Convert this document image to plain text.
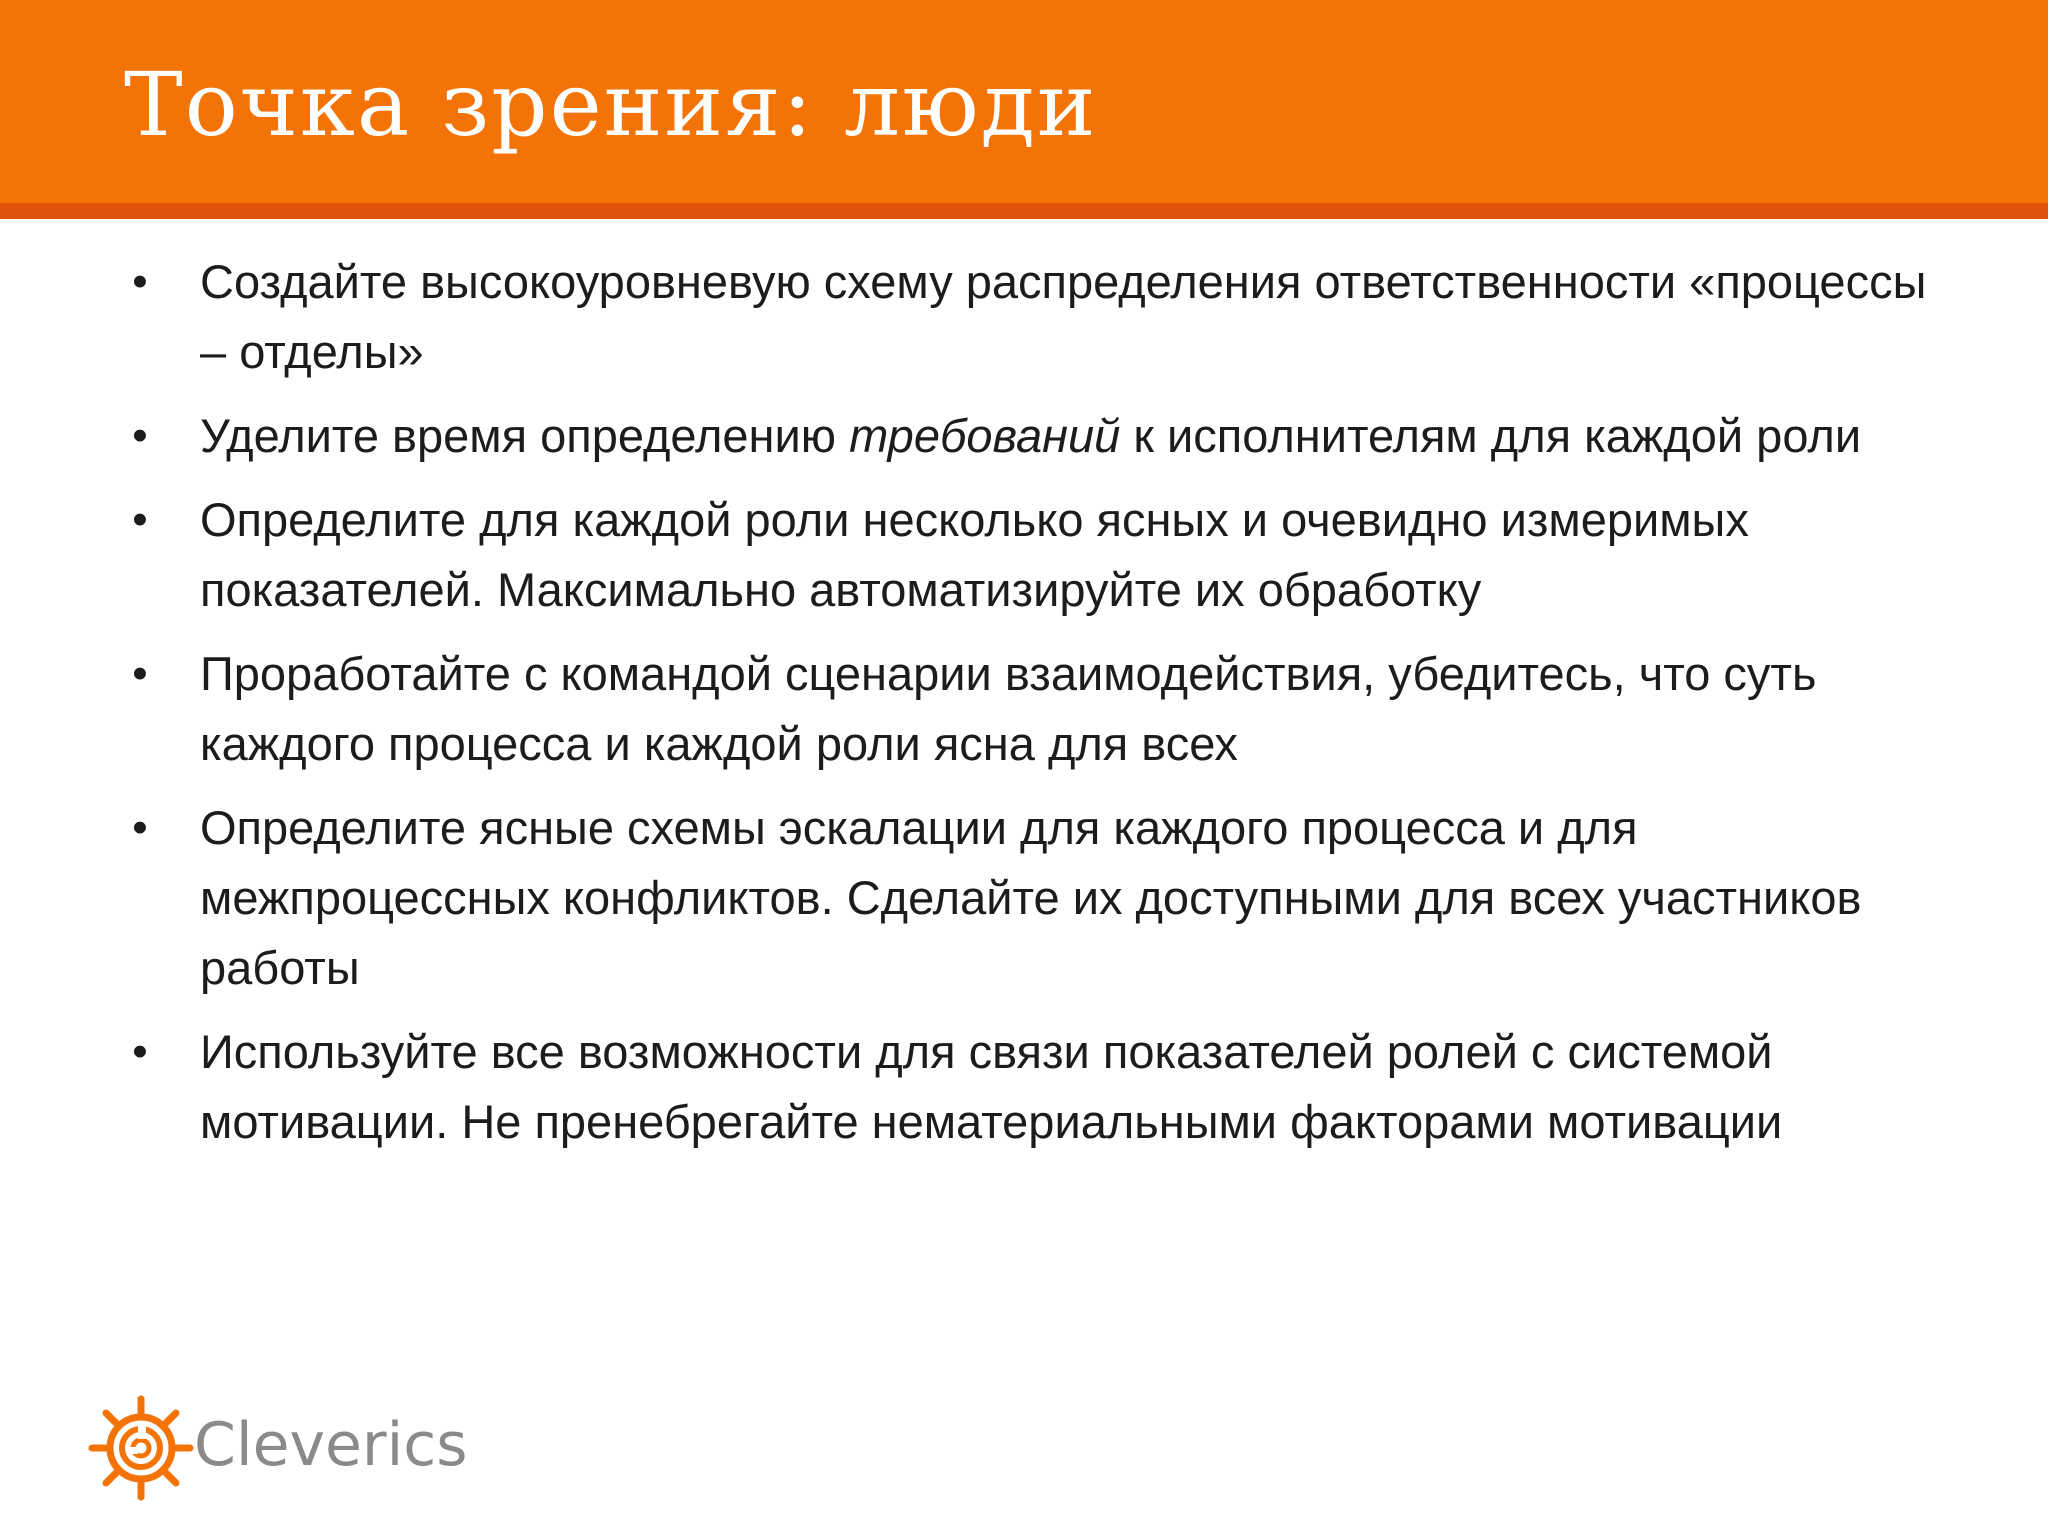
Точка зрения: люди
• Создайте высокоуровневую схему распределения ответственности «процессы – отделы»
• Уделите время определению требований к исполнителям для каждой роли
• Определите для каждой роли несколько ясных и очевидно измеримых показателей. Максимально автоматизируйте их обработку
• Проработайте с командой сценарии взаимодействия, убедитесь, что суть каждого процесса и каждой роли ясна для всех
• Определите ясные схемы эскалации для каждого процесса и для межпроцессных конфликтов. Сделайте их доступными для всех участников работы
• Используйте все возможности для связи показателей ролей с системой мотивации. Не пренебрегайте нематериальными факторами мотивации
Cleverics
